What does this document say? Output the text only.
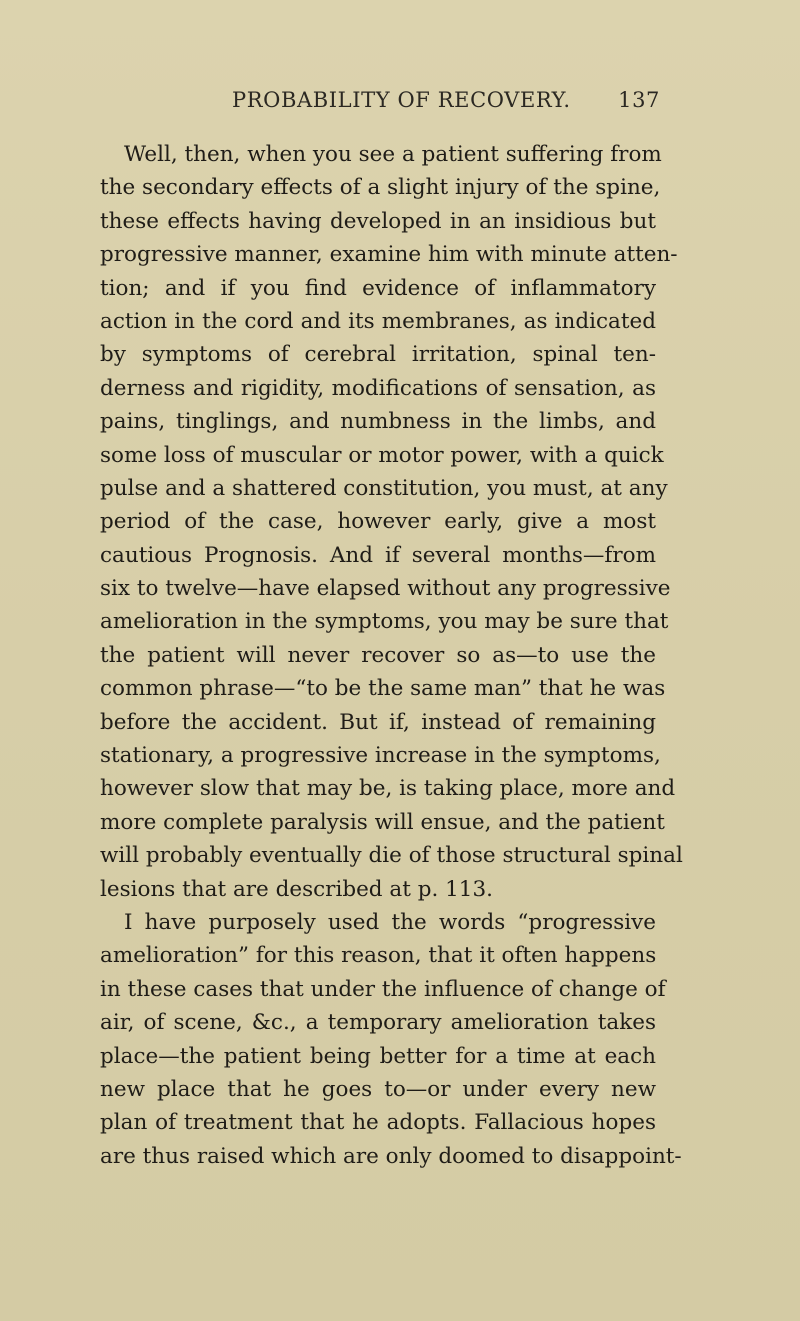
PROBABILITY OF RECOVERY. 137
Well, then, when you see a patient suffering from
the secondary effects of a slight injury of the spine,
these effects having developed in an insidious but
progressive manner, examine him with minute atten-
tion; and if you find evidence of inflammatory
action in the cord and its membranes, as indicated
by symptoms of cerebral irritation, spinal ten-
derness and rigidity, modifications of sensation, as
pains, tinglings, and numbness in the limbs, and
some loss of muscular or motor power, with a quick
pulse and a shattered constitution, you must, at any
period of the case, however early, give a most
cautious Prognosis. And if several months—from
six to twelve—have elapsed without any progressive
amelioration in the symptoms, you may be sure that
the patient will never recover so as—to use the
common phrase—“to be the same man” that he was
before the accident. But if, instead of remaining
stationary, a progressive increase in the symptoms,
however slow that may be, is taking place, more and
more complete paralysis will ensue, and the patient
will probably eventually die of those structural spinal
lesions that are described at p. 113.
I have purposely used the words “progressive
amelioration” for this reason, that it often happens
in these cases that under the influence of change of
air, of scene, &c., a temporary amelioration takes
place—the patient being better for a time at each
new place that he goes to—or under every new
plan of treatment that he adopts. Fallacious hopes
are thus raised which are only doomed to disappoint-
